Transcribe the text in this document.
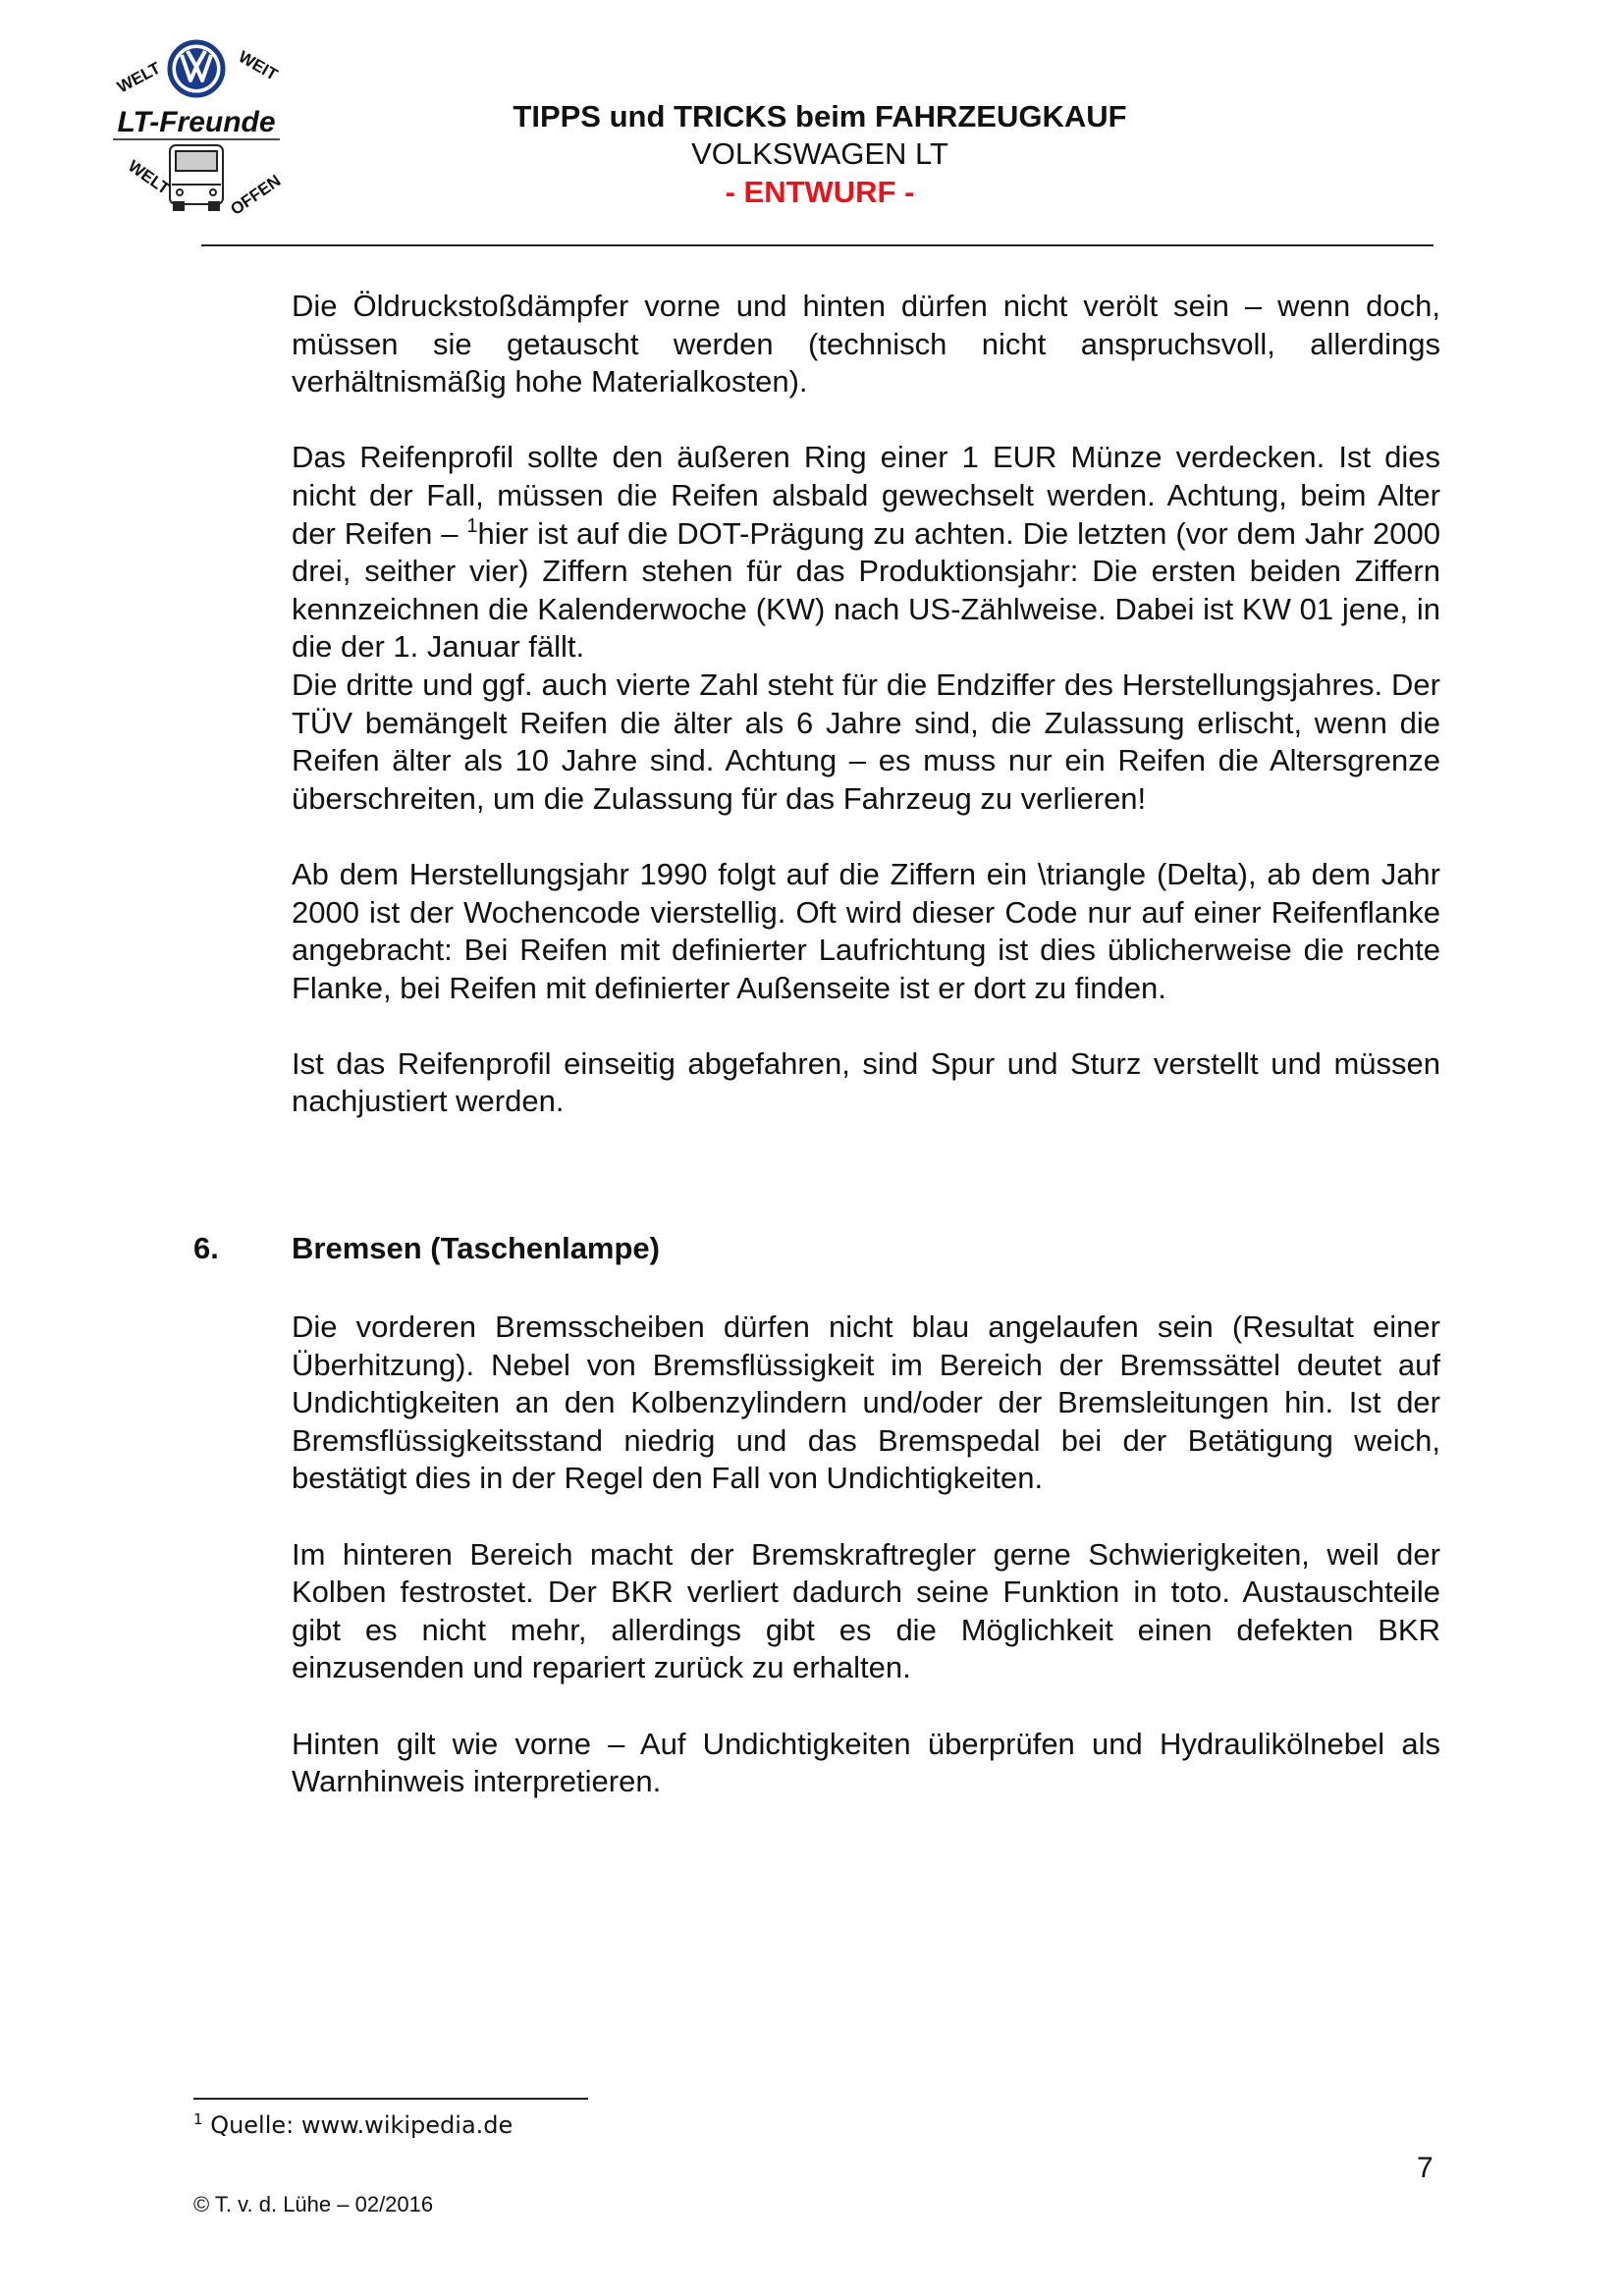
WELT	WEIT
LT-Freunde
WELT	OFFEN
TIPPS und TRICKS beim FAHRZEUGKAUF
VOLKSWAGEN LT
- ENTWURF -

Die Öldruckstoßdämpfer vorne und hinten dürfen nicht verölt sein – wenn doch, müssen sie getauscht werden (technisch nicht anspruchsvoll, allerdings verhältnismäßig hohe Materialkosten).

Das Reifenprofil sollte den äußeren Ring einer 1 EUR Münze verdecken. Ist dies nicht der Fall, müssen die Reifen alsbald gewechselt werden. Achtung, beim Alter der Reifen – $^1$hier ist auf die DOT-Prägung zu achten. Die letzten (vor dem Jahr 2000 drei, seither vier) Ziffern stehen für das Produktionsjahr: Die ersten beiden Ziffern kennzeichnen die Kalenderwoche (KW) nach US-Zählweise. Dabei ist KW 01 jene, in die der 1. Januar fällt.

Die dritte und ggf. auch vierte Zahl steht für die Endziffer des Herstellungsjahres. Der TÜV bemängelt Reifen die älter als 6 Jahre sind, die Zulassung erlischt, wenn die Reifen älter als 10 Jahre sind. Achtung – es muss nur ein Reifen die Altersgrenze überschreiten, um die Zulassung für das Fahrzeug zu verlieren!

Ab dem Herstellungsjahr 1990 folgt auf die Ziffern ein \triangle (Delta), ab dem Jahr 2000 ist der Wochencode vierstellig. Oft wird dieser Code nur auf einer Reifenflanke angebracht: Bei Reifen mit definierter Laufrichtung ist dies üblicherweise die rechte Flanke, bei Reifen mit definierter Außenseite ist er dort zu finden.

Ist das Reifenprofil einseitig abgefahren, sind Spur und Sturz verstellt und müssen nachjustiert werden.

6. Bremsen (Taschenlampe)

Die vorderen Bremsscheiben dürfen nicht blau angelaufen sein (Resultat einer Überhitzung). Nebel von Bremsflüssigkeit im Bereich der Bremssättel deutet auf Undichtigkeiten an den Kolbenzylindern und/oder der Bremsleitungen hin. Ist der Bremsflüssigkeitsstand niedrig und das Bremspedal bei der Betätigung weich, bestätigt dies in der Regel den Fall von Undichtigkeiten.

Im hinteren Bereich macht der Bremskraftregler gerne Schwierigkeiten, weil der Kolben festrostet. Der BKR verliert dadurch seine Funktion in toto. Austauschteile gibt es nicht mehr, allerdings gibt es die Möglichkeit einen defekten BKR einzusenden und repariert zurück zu erhalten.

Hinten gilt wie vorne – Auf Undichtigkeiten überprüfen und Hydraulikölnebel als Warnhinweis interpretieren.

$^1$ Quelle: www.wikipedia.de
7
© T. v. d. Lühe – 02/2016
